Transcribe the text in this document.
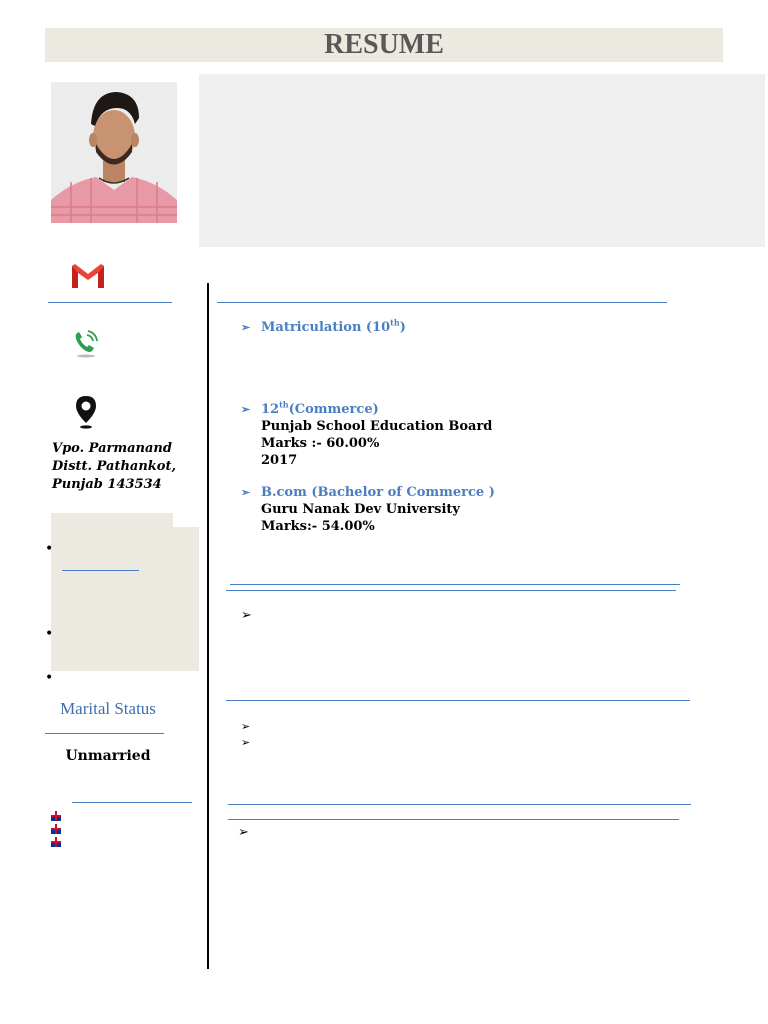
RESUME
Vpo. Parmanand
Distt. Pathankot,
Punjab 143534
•
•
•
Marital Status
Unmarried
➢ Matriculation (10th)
➢ 12th(Commerce)
Punjab School Education Board
Marks :- 60.00%
2017
➢ B.com (Bachelor of Commerce )
Guru Nanak Dev University
Marks:- 54.00%
➢
➢
➢
➢
